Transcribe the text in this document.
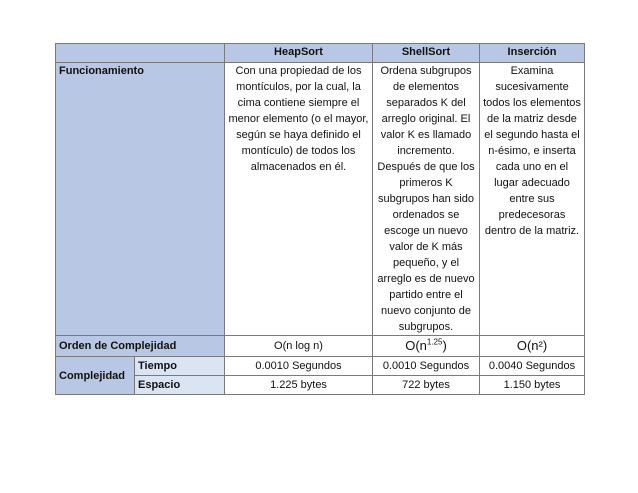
		HeapSort	ShellSort	Inserción
Funcionamiento		Con una propiedad de los montículos, por la cual, la cima contiene siempre el menor elemento (o el mayor, según se haya definido el montículo) de todos los almacenados en él.	Ordena subgrupos de elementos separados K del arreglo original. El valor K es llamado incremento. Después de que los primeros K subgrupos han sido ordenados se escoge un nuevo valor de K más pequeño, y el arreglo es de nuevo partido entre el nuevo conjunto de subgrupos.	Examina sucesivamente todos los elementos de la matriz desde el segundo hasta el n-ésimo, e inserta cada uno en el lugar adecuado entre sus predecesoras dentro de la matriz.
Orden de Complejidad		O(n log n)	$O(n^{1.25})$	O(n²)
Complejidad	Tiempo	0.0010 Segundos	0.0010 Segundos	0.0040 Segundos
	Espacio	1.225 bytes	722 bytes	1.150 bytes
